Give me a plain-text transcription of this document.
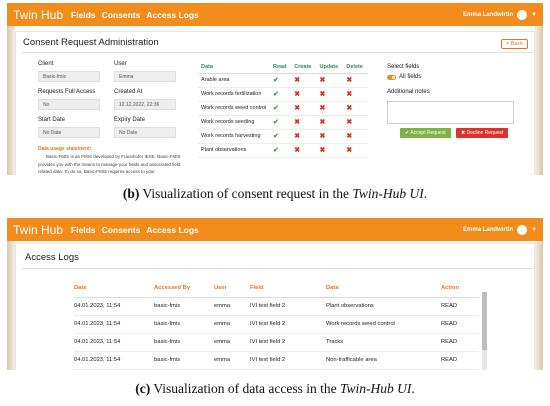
Twin Hub Fields Consents Access Logs	Emma Landwirtin	▼
Consent Request Administration	< Back
Client
Basic-fmis
User
Emma
Requests Full Access
No
Created At
12.12.2022, 22:36
Start Date
No Date
Expiry Date
No Date
Data usage statement:
Basic-FMIS is an FMIS developed by Fraunhofer IESE. Basic-FMIS provides you with the means to manage your fields and associated field related data. To do so, Basic-FMIS requires access to your
Data	Read	Create	Update	Delete
Arable area	✔	✖	✖	✖
Work records fertilization	✔	✖	✖	✖
Work records weed control	✔	✖	✖	✖
Work records seeding	✔	✖	✖	✖
Work records harvesting	✔	✖	✖	✖
Plant observations	✔	✖	✖	✖
Select fields
All fields
Additional notes
✔ Accept Request	✖ Decline Request
(b) Visualization of consent request in the Twin-Hub UI.
Twin Hub Fields Consents Access Logs	Emma Landwirtin	▼
Access Logs
Date	Accessed By	User	Field	Data	Action
04.01.2023, 11:54	basic-fmis	emma	IVI test field 2	Plant observations	READ
04.01.2023, 11:54	basic-fmis	emma	IVI test field 2	Work records weed control	READ
04.01.2023, 11:54	basic-fmis	emma	IVI test field 2	Tracks	READ
04.01.2023, 11:54	basic-fmis	emma	IVI test field 2	Non-trafficable area	READ
(c) Visualization of data access in the Twin-Hub UI.
